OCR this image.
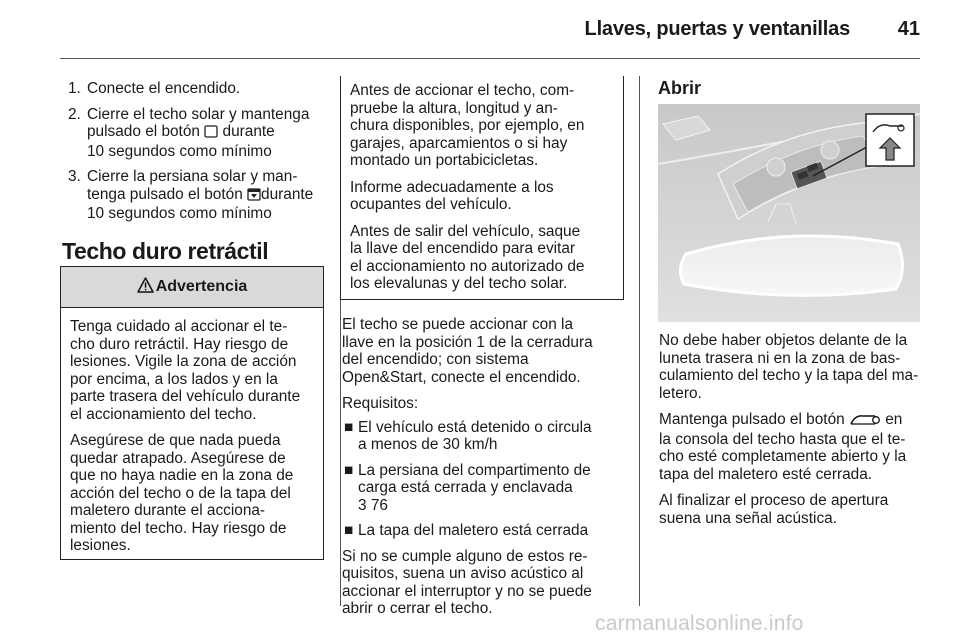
Llaves, puertas y ventanillas	41
1. Conecte el encendido.
2. Cierre el techo solar y mantenga
pulsado el botón durante
10 segundos como mínimo
3. Cierre la persiana solar y man-
tenga pulsado el botón durante
10 segundos como mínimo
Techo duro retráctil
Advertencia

Tenga cuidado al accionar el te-
cho duro retráctil. Hay riesgo de
lesiones. Vigile la zona de acción
por encima, a los lados y en la
parte trasera del vehículo durante
el accionamiento del techo.

Asegúrese de que nada pueda
quedar atrapado. Asegúrese de
que no haya nadie en la zona de
acción del techo o de la tapa del
maletero durante el acciona-
miento del techo. Hay riesgo de
lesiones.

Antes de accionar el techo, com-
pruebe la altura, longitud y an-
chura disponibles, por ejemplo, en
garajes, aparcamientos o si hay
montado un portabicicletas.

Informe adecuadamente a los
ocupantes del vehículo.

Antes de salir del vehículo, saque
la llave del encendido para evitar
el accionamiento no autorizado de
los elevalunas y del techo solar.

El techo se puede accionar con la
llave en la posición 1 de la cerradura
del encendido; con sistema
Open&Start, conecte el encendido.

Requisitos:

■ El vehículo está detenido o circula
a menos de 30 km/h
■ La persiana del compartimento de
carga está cerrada y enclavada
3 76
■ La tapa del maletero está cerrada

Si no se cumple alguno de estos re-
quisitos, suena un aviso acústico al
accionar el interruptor y no se puede
abrir o cerrar el techo.

Abrir

No debe haber objetos delante de la
luneta trasera ni en la zona de bas-
culamiento del techo y la tapa del ma-
letero.

Mantenga pulsado el botón	en
la consola del techo hasta que el te-
cho esté completamente abierto y la
tapa del maletero esté cerrada.

Al finalizar el proceso de apertura
suena una señal acústica.

carmanualsonline.info
